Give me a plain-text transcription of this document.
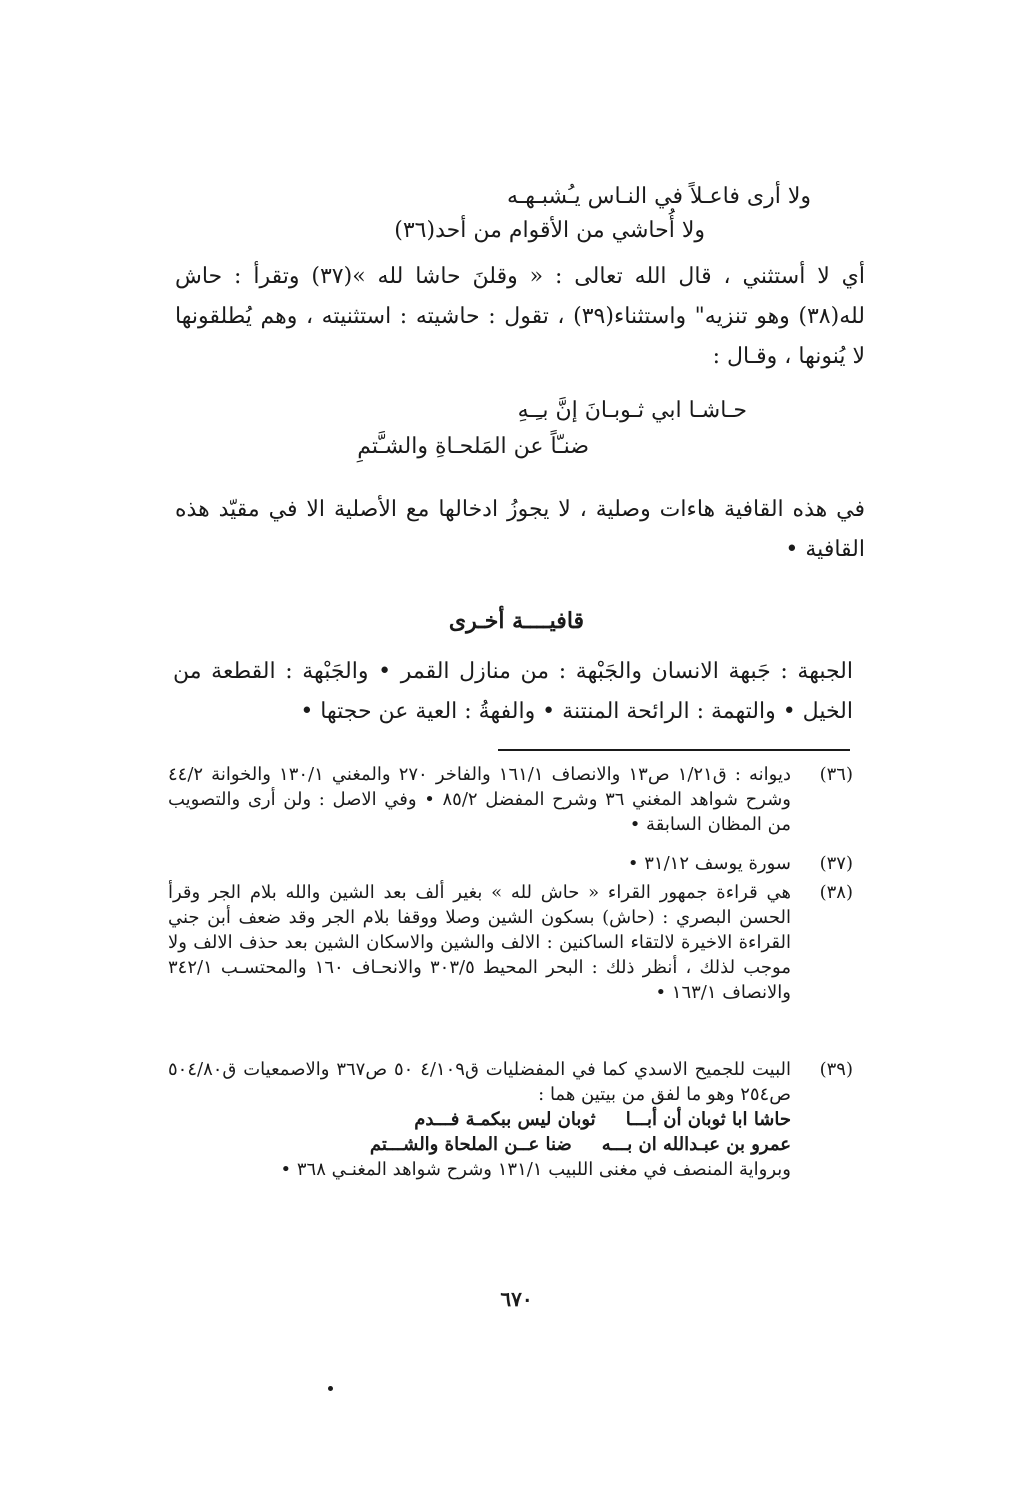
ولا أرى فاعـلاً في النـاس يـُشبـهـه
ولا أُحاشي من الأقوام من أحد(٣٦)
أي لا أستثني ، قال الله تعالى : « وقلنَ حاشا لله »(٣٧) وتقرأ : حاش لله(٣٨) وهو تنزيه" واستثناء(٣٩) ، تقول : حاشيته : استثنيته ، وهم يُطلقونها لا يُنونها ، وقـال :
حـاشـا ابي ثـوبـانَ إنَّ بـِـهِ
ضنـّاً عن المَلحـاةِ والشـَّتمِ
في هذه القافية هاءات وصلية ، لا يجوزُ ادخالها مع الأصلية الا في مقيّد هذه القافية •
قافيــــة أخـرى
الجبهة : جَبهة الانسان والجَبْهة : من منازل القمر • والجَبْهة : القطعة من الخيل • والتهمة : الرائحة المنتنة • والفهةُ : العية عن حجتها •
(٣٦)
ديوانه : ق١/٢١ ص١٣ والانصاف ١٦١/١ والفاخر ٢٧٠ والمغني ١٣٠/١ والخوانة ٤٤/٢ وشرح شواهد المغني ٣٦ وشرح المفضل ٨٥/٢ • وفي الاصل : ولن أرى والتصويب من المظان السابقة •
(٣٧)
سورة يوسف ٣١/١٢ •
(٣٨)
هي قراءة جمهور القراء « حاش لله » بغير ألف بعد الشين والله بلام الجر وقرأ الحسن البصري : (حاش) بسكون الشين وصلا ووقفا بلام الجر وقد ضعف أبن جني القراءة الاخيرة لالتقاء الساكنين : الالف والشين والاسكان الشين بعد حذف الالف ولا موجب لذلك ، أنظر ذلك : البحر المحيط ٣٠٣/٥ والانحـاف ١٦٠ والمحتسـب ٣٤٢/١ والانصاف ١٦٣/١ •
(٣٩)
البيت للجميح الاسدي كما في المفضليات ق٤/١٠٩ ٥٠ ص٣٦٧ والاصمعيات ق٥٠٤/٨٠ ص٢٥٤ وهو ما لفق من بيتين هما :
حاشا ابا ثوبان أن أبـــا
ثوبان ليس ببكمـة فـــدم
عمرو بن عبـدالله ان بـــه
ضنا عــن الملحاة والشـــتم
وبرواية المنصف في مغنى اللبيب ١٣١/١ وشرح شواهد المغنـي ٣٦٨ •
٦٧٠
